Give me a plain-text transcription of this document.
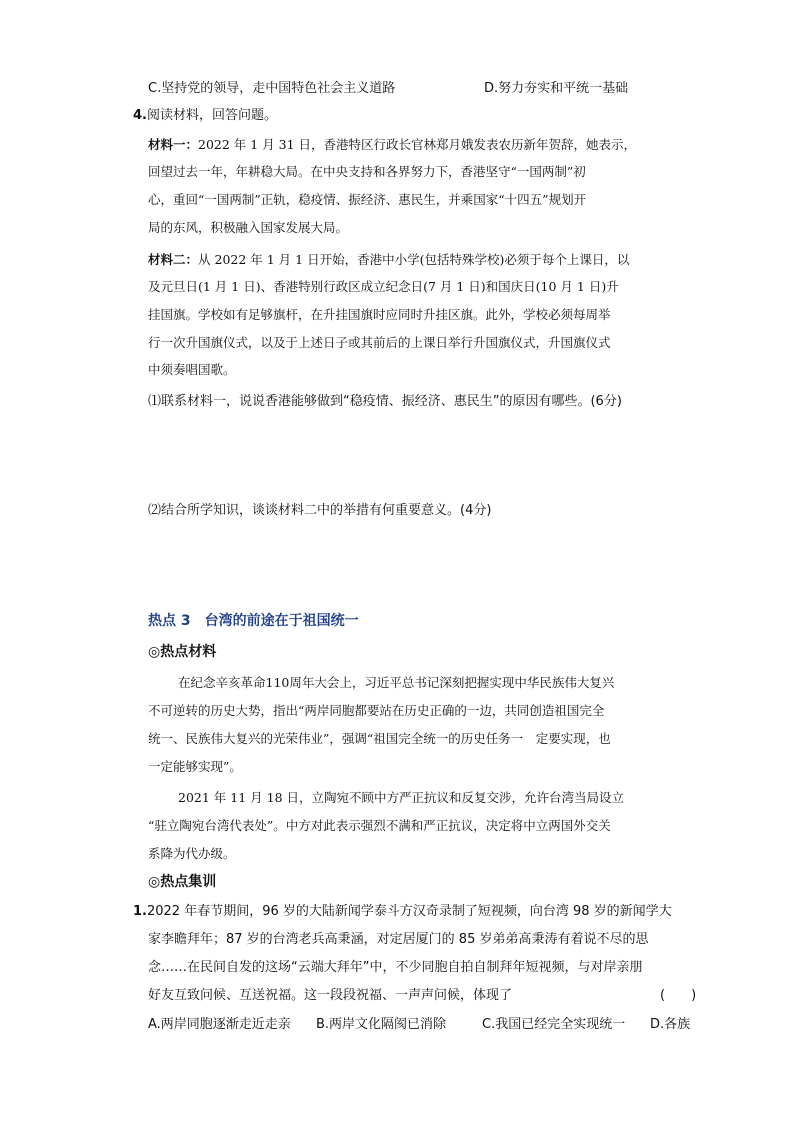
C.坚持党的领导，走中国特色社会主义道路	D.努力夯实和平统一基础
4.阅读材料，回答问题。
材料一：2022 年 1 月 31 日，香港特区行政长官林郑月娥发表农历新年贺辞，她表示，
回望过去一年，年耕稳大局。在中央支持和各界努力下，香港坚守“一国两制”初
心，重回“一国两制”正轨，稳疫情、振经济、惠民生，并乘国家“十四五”规划开
局的东风，积极融入国家发展大局。
材料二：从 2022 年 1 月 1 日开始，香港中小学(包括特殊学校)必须于每个上课日，以
及元旦日(1 月 1 日)、香港特别行政区成立纪念日(7 月 1 日)和国庆日(10 月 1 日)升
挂国旗。学校如有足够旗杆，在升挂国旗时应同时升挂区旗。此外，学校必须每周举
行一次升国旗仪式，以及于上述日子或其前后的上课日举行升国旗仪式，升国旗仪式
中须奏唱国歌。
⑴联系材料一，说说香港能够做到“稳疫情、振经济、惠民生”的原因有哪些。(6分)
⑵结合所学知识，谈谈材料二中的举措有何重要意义。(4分)
热点 3　台湾的前途在于祖国统一
◎热点材料
在纪念辛亥革命110周年大会上，习近平总书记深刻把握实现中华民族伟大复兴
不可逆转的历史大势，指出“两岸同胞都要站在历史正确的一边，共同创造祖国完全
统一、民族伟大复兴的光荣伟业”，强调“祖国完全统一的历史任务一　定要实现，也
一定能够实现”。
2021 年 11 月 18 日，立陶宛不顾中方严正抗议和反复交涉，允许台湾当局设立
“驻立陶宛台湾代表处”。中方对此表示强烈不满和严正抗议，决定将中立两国外交关
系降为代办级。
◎热点集训
1.2022 年春节期间，96 岁的大陆新闻学泰斗方汉奇录制了短视频，向台湾 98 岁的新闻学大
家李瞻拜年；87 岁的台湾老兵高秉涵，对定居厦门的 85 岁弟弟高秉涛有着说不尽的思
念……在民间自发的这场“云端大拜年”中，不少同胞自拍自制拜年短视频，与对岸亲朋
好友互致问候、互送祝福。这一段段祝福、一声声问候，体现了	(　　)
A.两岸同胞逐渐走近走亲 B.两岸文化隔阂已消除	C.我国已经完全实现统一 D.各族
